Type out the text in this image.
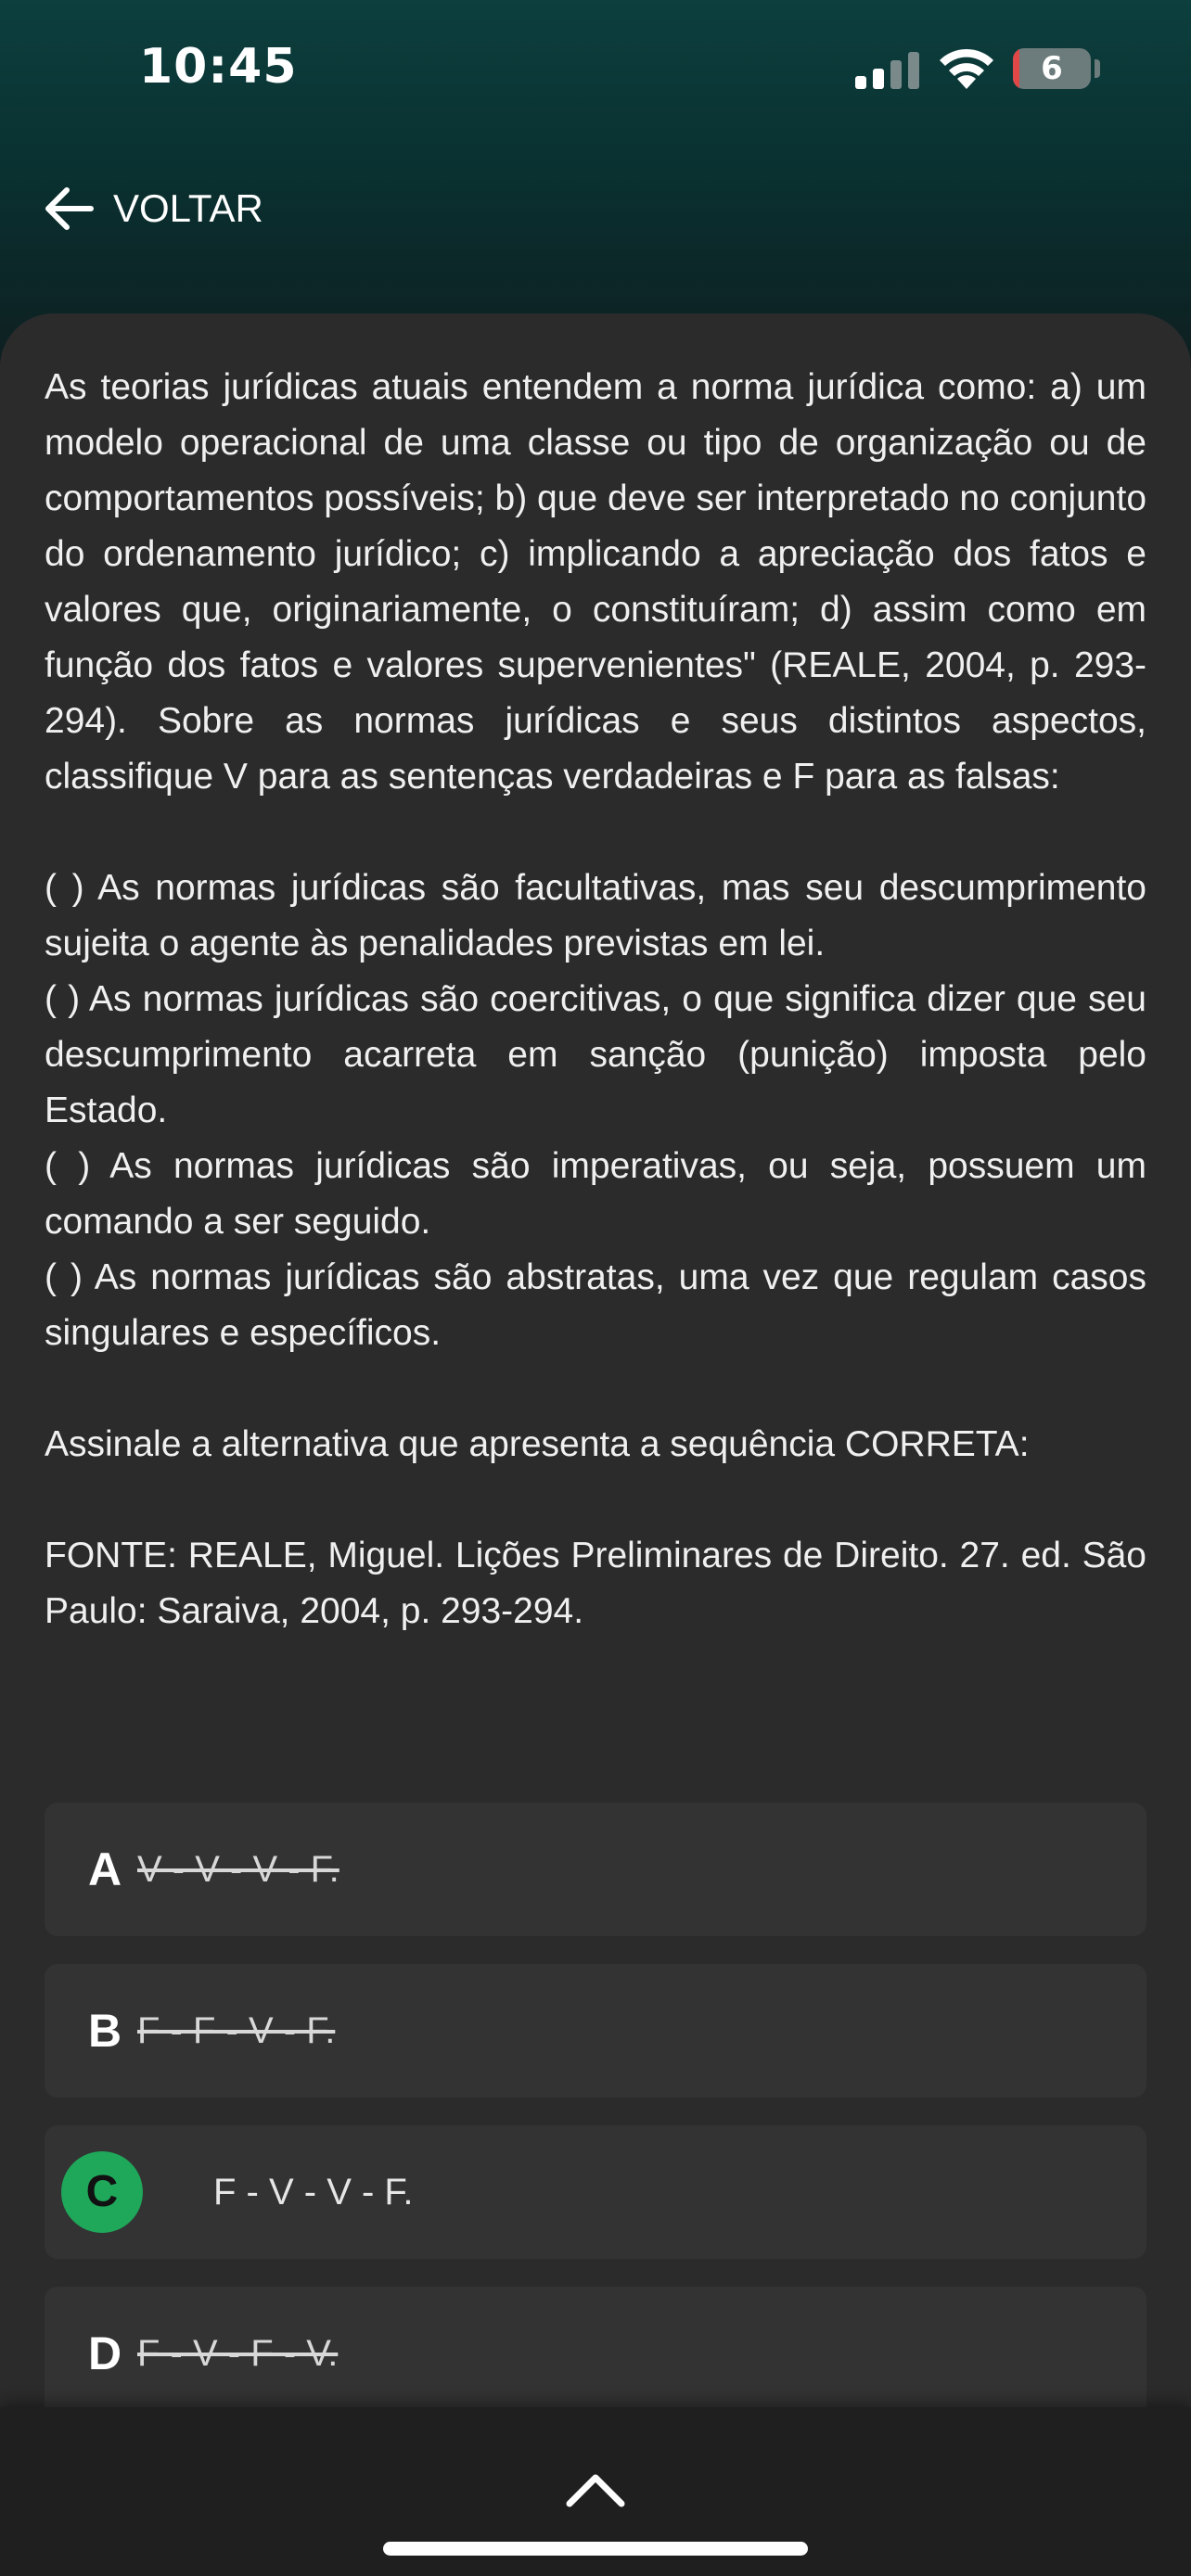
10:45	6
VOLTAR

As teorias jurídicas atuais entendem a norma jurídica como: a) um modelo operacional de uma classe ou tipo de organização ou de comportamentos possíveis; b) que deve ser interpretado no conjunto do ordenamento jurídico; c) implicando a apreciação dos fatos e valores que, originariamente, o constituíram; d) assim como em função dos fatos e valores supervenientes" (REALE, 2004, p. 293-294). Sobre as normas jurídicas e seus distintos aspectos, classifique V para as sentenças verdadeiras e F para as falsas:

( ) As normas jurídicas são facultativas, mas seu descumprimento sujeita o agente às penalidades previstas em lei.

( ) As normas jurídicas são coercitivas, o que significa dizer que seu descumprimento acarreta em sanção (punição) imposta pelo Estado.

( ) As normas jurídicas são imperativas, ou seja, possuem um comando a ser seguido.

( ) As normas jurídicas são abstratas, uma vez que regulam casos singulares e específicos.

Assinale a alternativa que apresenta a sequência CORRETA:

FONTE: REALE, Miguel. Lições Preliminares de Direito. 27. ed. São Paulo: Saraiva, 2004, p. 293-294.

A V - V - V - F.
B F - F - V - F.
C	F - V - V - F.
D F - V - F - V.
